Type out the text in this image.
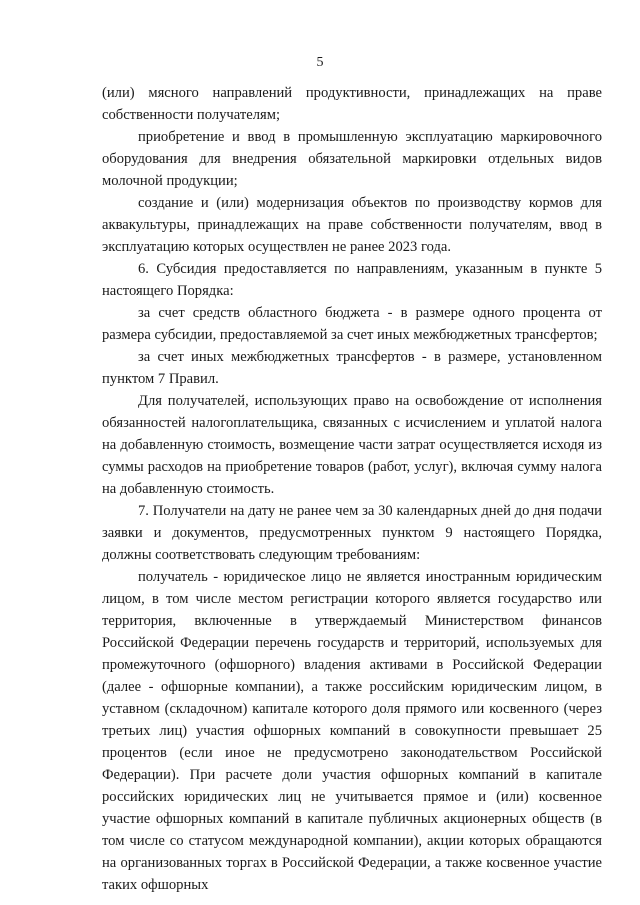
5

(или) мясного направлений продуктивности, принадлежащих на праве собственности получателям;

приобретение и ввод в промышленную эксплуатацию маркировочного оборудования для внедрения обязательной маркировки отдельных видов молочной продукции;

создание и (или) модернизация объектов по производству кормов для аквакультуры, принадлежащих на праве собственности получателям, ввод в эксплуатацию которых осуществлен не ранее 2023 года.

6. Субсидия предоставляется по направлениям, указанным в пункте 5 настоящего Порядка:

за счет средств областного бюджета - в размере одного процента от размера субсидии, предоставляемой за счет иных межбюджетных трансфертов;

за счет иных межбюджетных трансфертов - в размере, установленном пунктом 7 Правил.

Для получателей, использующих право на освобождение от исполнения обязанностей налогоплательщика, связанных с исчислением и уплатой налога на добавленную стоимость, возмещение части затрат осуществляется исходя из суммы расходов на приобретение товаров (работ, услуг), включая сумму налога на добавленную стоимость.

7. Получатели на дату не ранее чем за 30 календарных дней до дня подачи заявки и документов, предусмотренных пунктом 9 настоящего Порядка, должны соответствовать следующим требованиям:

получатель - юридическое лицо не является иностранным юридическим лицом, в том числе местом регистрации которого является государство или территория, включенные в утверждаемый Министерством финансов Российской Федерации перечень государств и территорий, используемых для промежуточного (офшорного) владения активами в Российской Федерации (далее - офшорные компании), а также российским юридическим лицом, в уставном (складочном) капитале которого доля прямого или косвенного (через третьих лиц) участия офшорных компаний в совокупности превышает 25 процентов (если иное не предусмотрено законодательством Российской Федерации). При расчете доли участия офшорных компаний в капитале российских юридических лиц не учитывается прямое и (или) косвенное участие офшорных компаний в капитале публичных акционерных обществ (в том числе со статусом международной компании), акции которых обращаются на организованных торгах в Российской Федерации, а также косвенное участие таких офшорных
